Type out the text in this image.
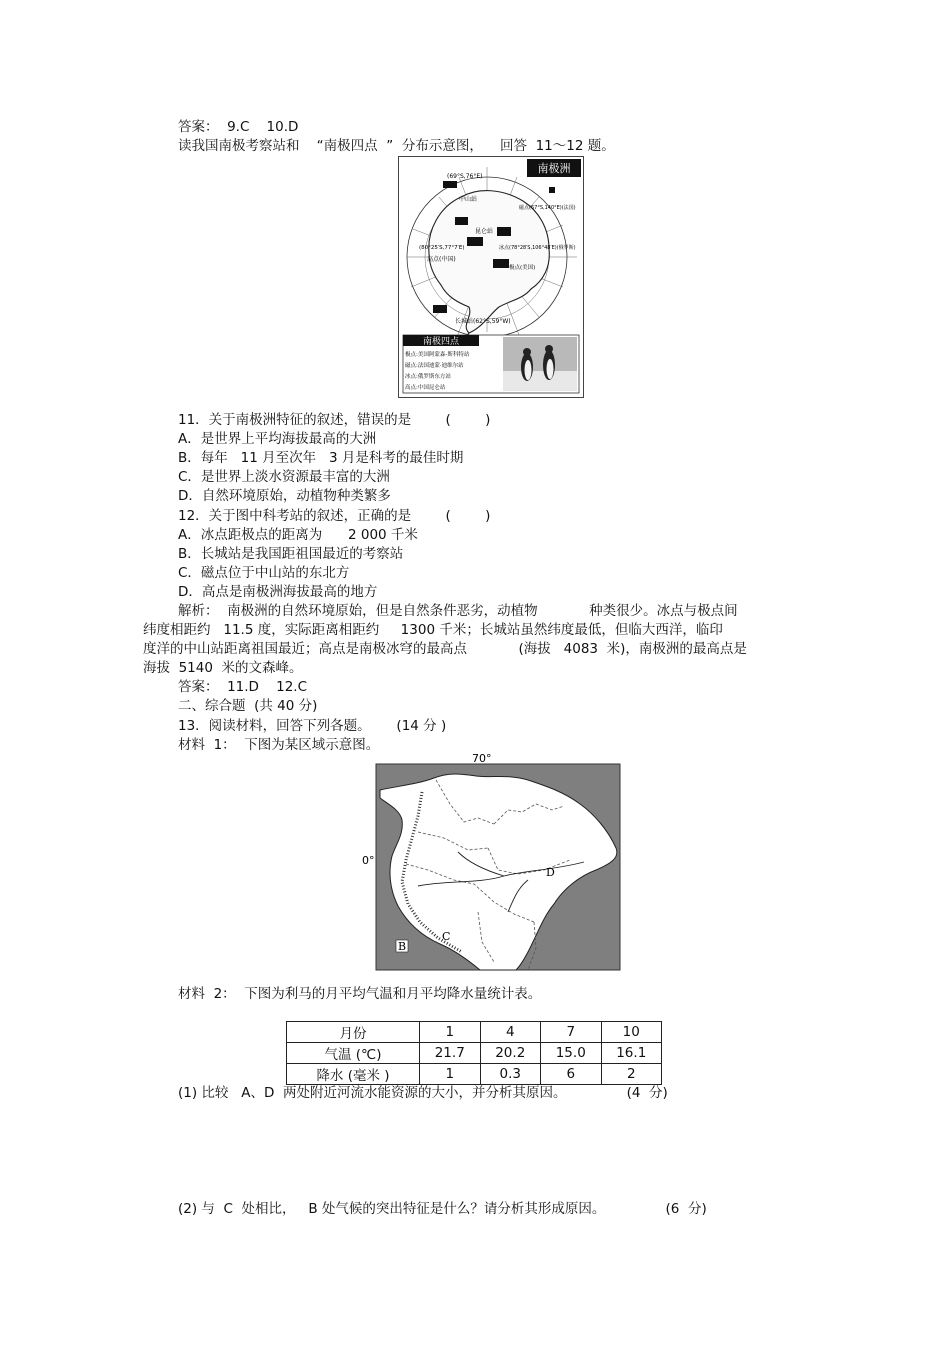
答案：  9.C    10.D
读我国南极考察站和    “南极四点  ”  分布示意图，    回答  11～12 题。
南极洲
(69°S,76°E)
中山站
昆仑站
(80°25′S,77°7′E)
高点(中国)
磁点(67°S,140°E)(法国)
冰点(78°28′S,106°48′E)(俄罗斯)
极点(美国)
长城站(62°S,59°W)
南极四点
极点:美国阿蒙森-斯科特站
磁点:法国迪蒙·迪维尔站
冰点:俄罗斯东方站
高点:中国昆仑站
11．关于南极洲特征的叙述，错误的是        (        )
A．是世界上平均海拔最高的大洲
B．每年   11 月至次年   3 月是科考的最佳时期
C．是世界上淡水资源最丰富的大洲
D．自然环境原始，动植物种类繁多
12．关于图中科考站的叙述，正确的是        (        )
A．冰点距极点的距离为      2 000 千米
B．长城站是我国距祖国最近的考察站
C．磁点位于中山站的东北方
D．高点是南极洲海拔最高的地方
解析：  南极洲的自然环境原始，但是自然条件恶劣，动植物            种类很少。冰点与极点间
纬度相距约   11.5 度，实际距离相距约     1300 千米；长城站虽然纬度最低，但临大西洋，临印
度洋的中山站距离祖国最近；高点是南极冰穹的最高点            (海拔   4083  米)，南极洲的最高点是
海拔  5140  米的文森峰。
答案：  11.D    12.C
二、综合题  (共 40 分)
13．阅读材料，回答下列各题。      (14 分 )
材料  1：  下图为某区域示意图。
70°
0°
D
C
B
材料  2：  下图为利马的月平均气温和月平均降水量统计表。
月份	1	4	7	10
气温 (℃)	21.7	20.2	15.0	16.1
降水 (毫米 )	1	0.3	6	2
(1) 比较   A、D  两处附近河流水能资源的大小，并分析其原因。              (4  分)
(2) 与  C  处相比，   B 处气候的突出特征是什么？请分析其形成原因。              (6  分)
